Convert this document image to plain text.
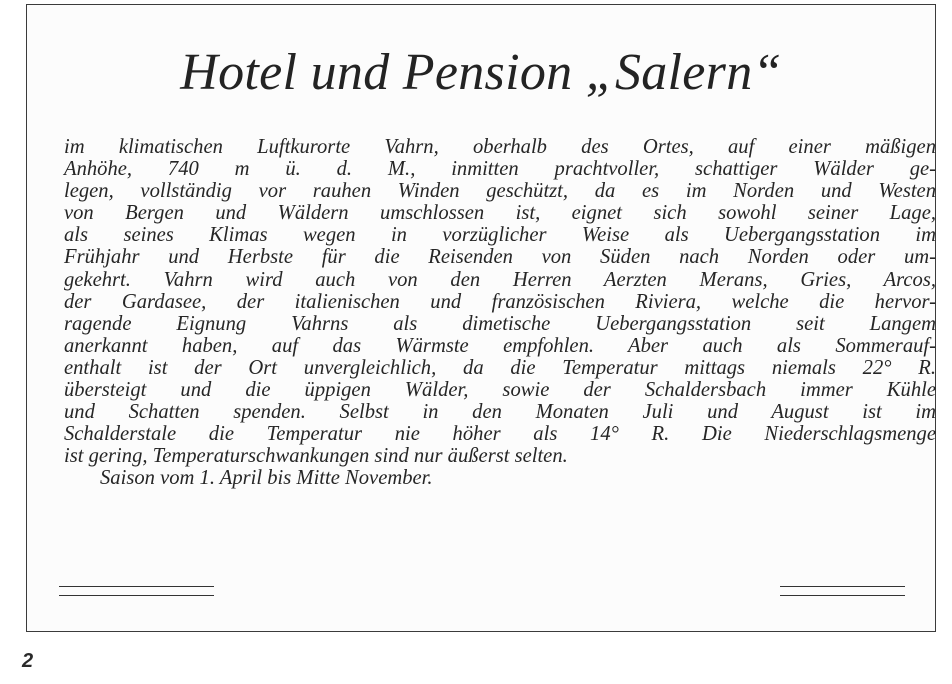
Hotel und Pension „Salern“
im klimatischen Luftkurorte Vahrn, oberhalb des Ortes, auf einer mäßigen
Anhöhe, 740 m ü. d. M., inmitten prachtvoller, schattiger Wälder ge-
legen, vollständig vor rauhen Winden geschützt, da es im Norden und Westen
von Bergen und Wäldern umschlossen ist, eignet sich sowohl seiner Lage,
als seines Klimas wegen in vorzüglicher Weise als Uebergangsstation im
Frühjahr und Herbste für die Reisenden von Süden nach Norden oder um-
gekehrt. Vahrn wird auch von den Herren Aerzten Merans, Gries, Arcos,
der Gardasee, der italienischen und französischen Riviera, welche die hervor-
ragende Eignung Vahrns als dimetische Uebergangsstation seit Langem
anerkannt haben, auf das Wärmste empfohlen. Aber auch als Sommerauf-
enthalt ist der Ort unvergleichlich, da die Temperatur mittags niemals 22° R.
übersteigt und die üppigen Wälder, sowie der Schaldersbach immer Kühle
und Schatten spenden. Selbst in den Monaten Juli und August ist im
Schalderstale die Temperatur nie höher als 14° R. Die Niederschlagsmenge
ist gering, Temperaturschwankungen sind nur äußerst selten.
Saison vom 1. April bis Mitte November.
2
